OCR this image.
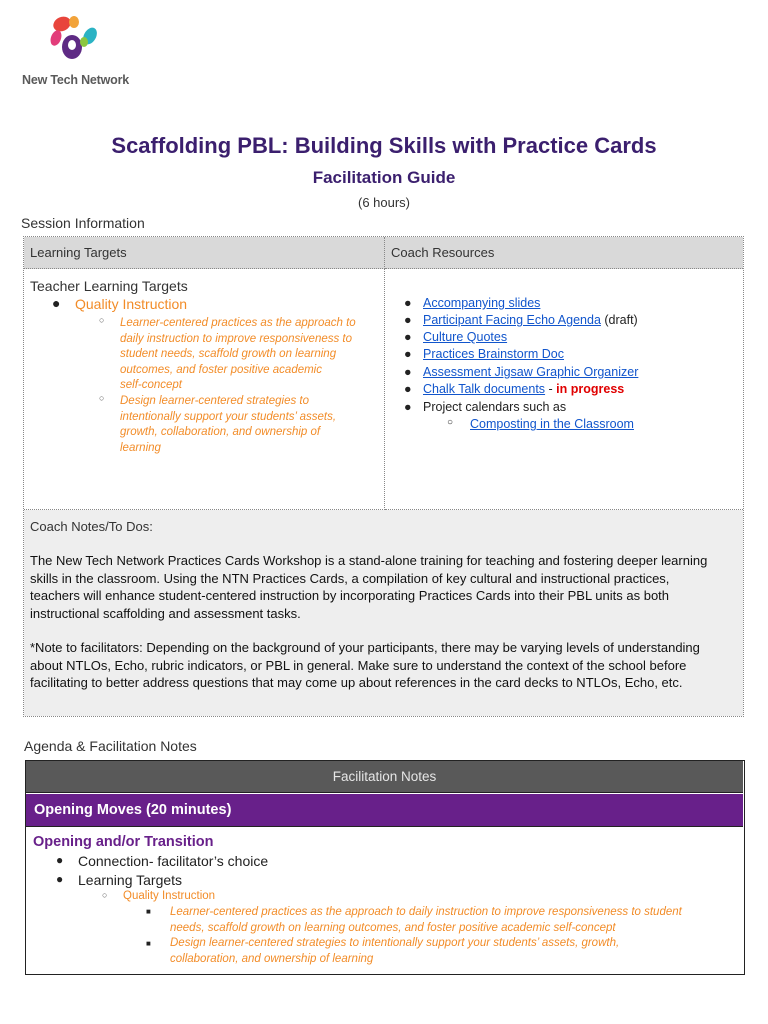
New Tech Network
Scaffolding PBL: Building Skills with Practice Cards
Facilitation Guide
(6 hours)
Session Information
Learning Targets	Coach Resources
Teacher Learning Targets
● Quality Instruction
○ Learner-centered practices as the approach to
daily instruction to improve responsiveness to
student needs, scaffold growth on learning
outcomes, and foster positive academic
self-concept
○ Design learner-centered strategies to
intentionally support your students’ assets,
growth, collaboration, and ownership of
learning
● Accompanying slides
● Participant Facing Echo Agenda (draft)
● Culture Quotes
● Practices Brainstorm Doc
● Assessment Jigsaw Graphic Organizer
● Chalk Talk documents - in progress
● Project calendars such as
○ Composting in the Classroom
Coach Notes/To Dos:
The New Tech Network Practices Cards Workshop is a stand-alone training for teaching and fostering deeper learning
skills in the classroom. Using the NTN Practices Cards, a compilation of key cultural and instructional practices,
teachers will enhance student-centered instruction by incorporating Practices Cards into their PBL units as both
instructional scaffolding and assessment tasks.
*Note to facilitators: Depending on the background of your participants, there may be varying levels of understanding
about NTLOs, Echo, rubric indicators, or PBL in general. Make sure to understand the context of the school before
facilitating to better address questions that may come up about references in the card decks to NTLOs, Echo, etc.
Agenda & Facilitation Notes
Facilitation Notes
Opening Moves (20 minutes)
Opening and/or Transition
● Connection- facilitator’s choice
● Learning Targets
○ Quality Instruction
■ Learner-centered practices as the approach to daily instruction to improve responsiveness to student
needs, scaffold growth on learning outcomes, and foster positive academic self-concept
■ Design learner-centered strategies to intentionally support your students’ assets, growth,
collaboration, and ownership of learning
